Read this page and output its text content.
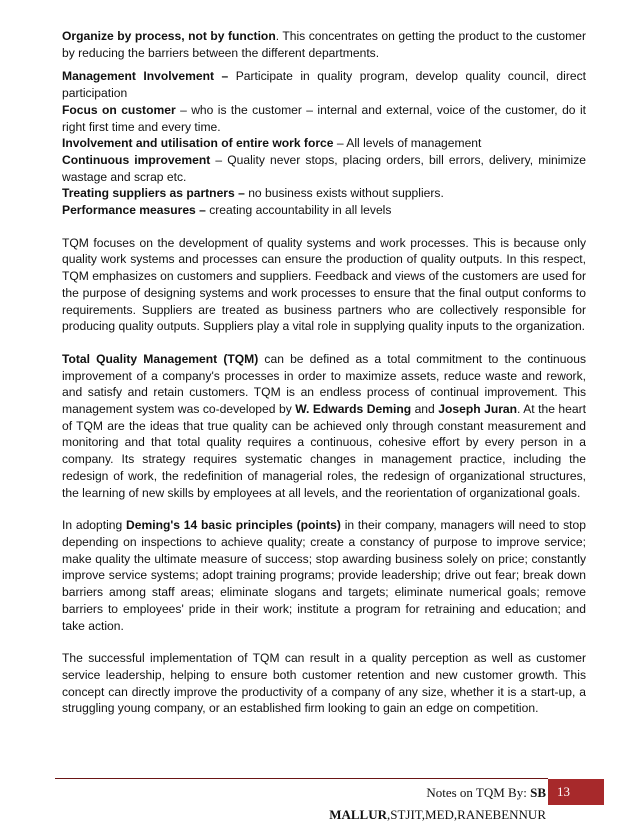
Organize by process, not by function. This concentrates on getting the product to the customer by reducing the barriers between the different departments.

Management Involvement – Participate in quality program, develop quality council, direct participation

Focus on customer – who is the customer – internal and external, voice of the customer, do it right first time and every time.

Involvement and utilisation of entire work force – All levels of management

Continuous improvement – Quality never stops, placing orders, bill errors, delivery, minimize wastage and scrap etc.

Treating suppliers as partners – no business exists without suppliers.

Performance measures – creating accountability in all levels

TQM focuses on the development of quality systems and work processes. This is because only quality work systems and processes can ensure the production of quality outputs. In this respect, TQM emphasizes on customers and suppliers. Feedback and views of the customers are used for the purpose of designing systems and work processes to ensure that the final output conforms to requirements. Suppliers are treated as business partners who are collectively responsible for producing quality outputs. Suppliers play a vital role in supplying quality inputs to the organization.

Total Quality Management (TQM) can be defined as a total commitment to the continuous improvement of a company's processes in order to maximize assets, reduce waste and rework, and satisfy and retain customers. TQM is an endless process of continual improvement. This management system was co-developed by W. Edwards Deming and Joseph Juran. At the heart of TQM are the ideas that true quality can be achieved only through constant measurement and monitoring and that total quality requires a continuous, cohesive effort by every person in a company. Its strategy requires systematic changes in management practice, including the redesign of work, the redefinition of managerial roles, the redesign of organizational structures, the learning of new skills by employees at all levels, and the reorientation of organizational goals.

In adopting Deming's 14 basic principles (points) in their company, managers will need to stop depending on inspections to achieve quality; create a constancy of purpose to improve service; make quality the ultimate measure of success; stop awarding business solely on price; constantly improve service systems; adopt training programs; provide leadership; drive out fear; break down barriers among staff areas; eliminate slogans and targets; eliminate numerical goals; remove barriers to employees' pride in their work; institute a program for retraining and education; and take action.

The successful implementation of TQM can result in a quality perception as well as customer service leadership, helping to ensure both customer retention and new customer growth. This concept can directly improve the productivity of a company of any size, whether it is a start-up, a struggling young company, or an established firm looking to gain an edge on competition.

Notes on TQM By: SB MALLUR,STJIT,MED,RANEBENNUR
13
